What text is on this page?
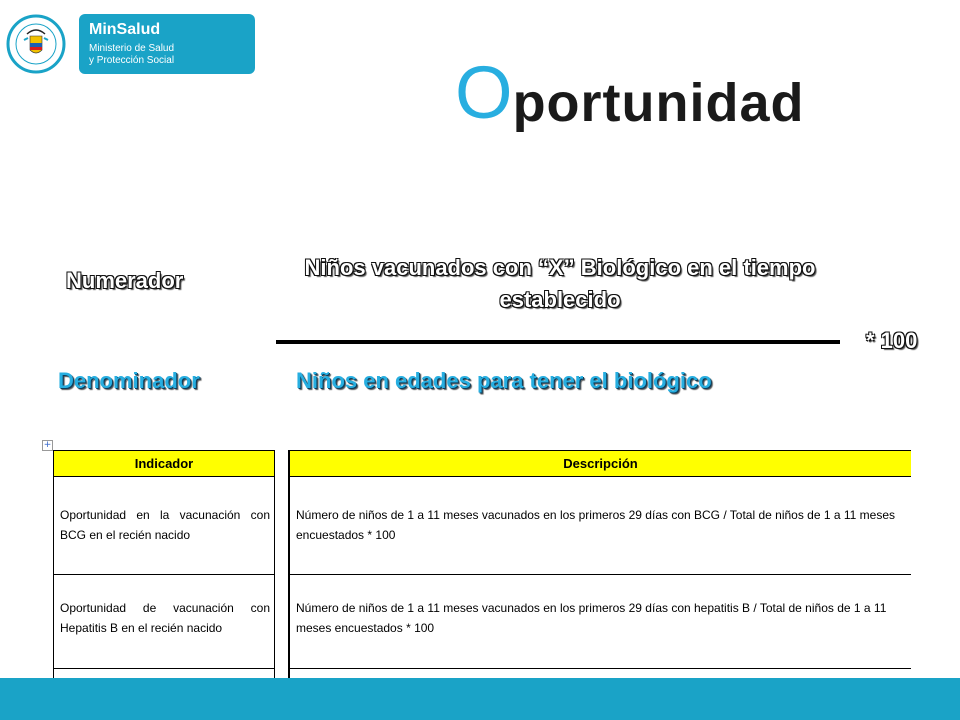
MinSalud
Ministerio de Salud
y Protección Social	Oportunidad
Numerador
Niños vacunados con “X” Biológico en el tiempo establecido
* 100
Denominador	Niños en edades para tener el biológico
+
Indicador
Oportunidad en la vacunación con BCG en el recién nacido
Oportunidad de vacunación con Hepatitis B en el recién nacido
Descripción
Número de niños de 1 a 11 meses vacunados en los primeros 29 días con BCG / Total de niños de 1 a 11 meses encuestados * 100
Número de niños de 1 a 11 meses vacunados en los primeros 29 días con hepatitis B / Total de niños de 1 a 11 meses encuestados * 100
